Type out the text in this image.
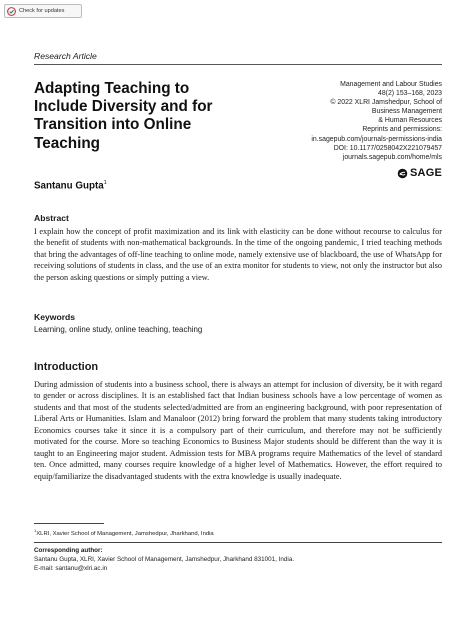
Check for updates
Research Article
Adapting Teaching to Include Diversity and for Transition into Online Teaching
Management and Labour Studies
48(2) 153–168, 2023
© 2022 XLRI Jamshedpur, School of
Business Management
& Human Resources
Reprints and permissions:
in.sagepub.com/journals-permissions-india
DOI: 10.1177/0258042X221079457
journals.sagepub.com/home/mls
SAGE
Santanu Gupta$^1$
Abstract

I explain how the concept of profit maximization and its link with elasticity can be done without recourse to calculus for the benefit of students with non-mathematical backgrounds. In the time of the ongoing pandemic, I tried teaching methods that bring the advantages of off-line teaching to online mode, namely extensive use of blackboard, the use of WhatsApp for receiving solutions of students in class, and the use of an extra monitor for students to view, not only the instructor but also the person asking questions or simply putting a view.

Keywords
Learning, online study, online teaching, teaching
Introduction

During admission of students into a business school, there is always an attempt for inclusion of diversity, be it with regard to gender or across disciplines. It is an established fact that Indian business schools have a low percentage of women as students and that most of the students selected/admitted are from an engineering background, with poor representation of Liberal Arts or Humanities. Islam and Manaloor (2012) bring forward the problem that many students taking introductory Economics courses take it since it is a compulsory part of their curriculum, and therefore may not be sufficiently motivated for the course. More so teaching Economics to Business Major students should be different than the way it is taught to an Engineering major student. Admission tests for MBA programs require Mathematics of the level of standard ten. Once admitted, many courses require knowledge of a higher level of Mathematics. However, the effort required to equip/familiarize the disadvantaged students with the extra knowledge is usually inadequate.

$^1$XLRI, Xavier School of Management, Jamshedpur, Jharkhand, India
Corresponding author:
Santanu Gupta, XLRI, Xavier School of Management, Jamshedpur, Jharkhand 831001, India.
E-mail: santanu@xlri.ac.in
